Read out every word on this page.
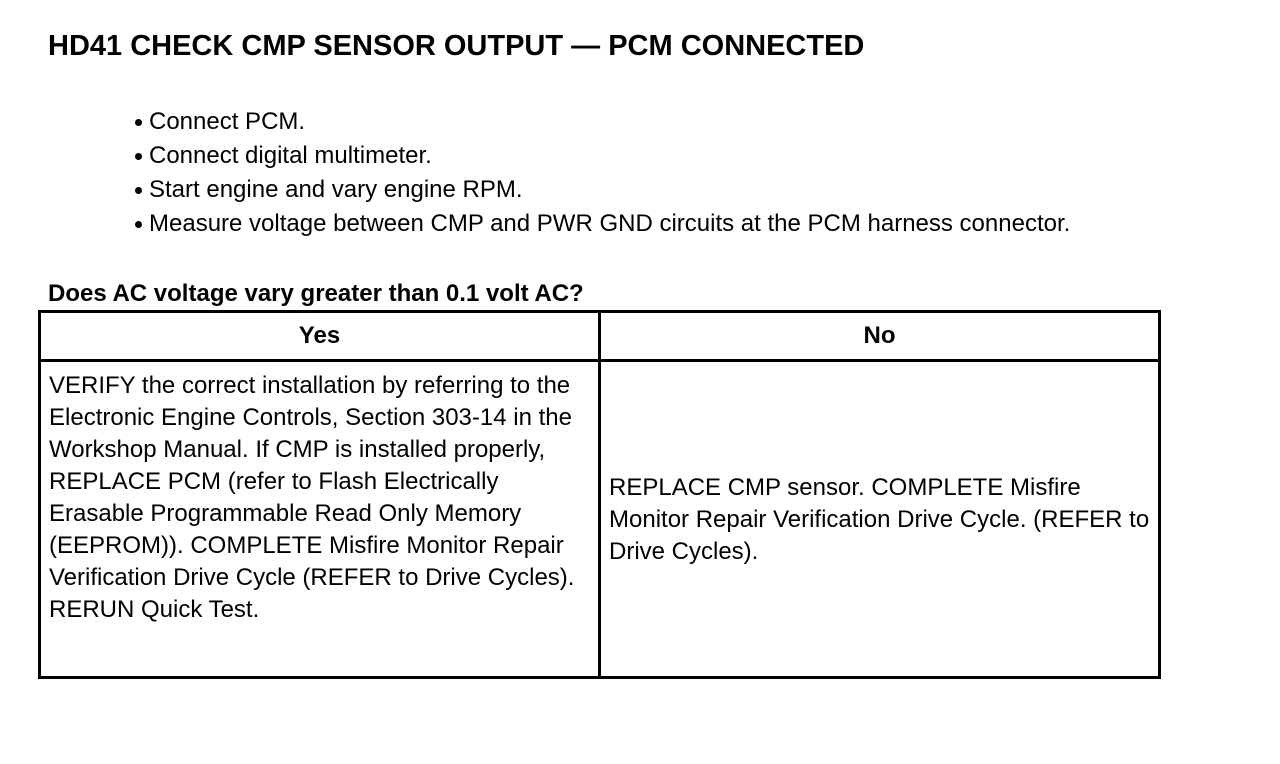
HD41 CHECK CMP SENSOR OUTPUT — PCM CONNECTED
Connect PCM.
Connect digital multimeter.
Start engine and vary engine RPM.
Measure voltage between CMP and PWR GND circuits at the PCM harness connector.

Does AC voltage vary greater than 0.1 volt AC?

Yes	No
VERIFY the correct installation by referring to the Electronic Engine Controls, Section 303-14 in the Workshop Manual. If CMP is installed properly, REPLACE PCM (refer to Flash Electrically Erasable Programmable Read Only Memory (EEPROM)). COMPLETE Misfire Monitor Repair Verification Drive Cycle (REFER to Drive Cycles). RERUN Quick Test.	REPLACE CMP sensor. COMPLETE Misfire Monitor Repair Verification Drive Cycle. (REFER to Drive Cycles).
